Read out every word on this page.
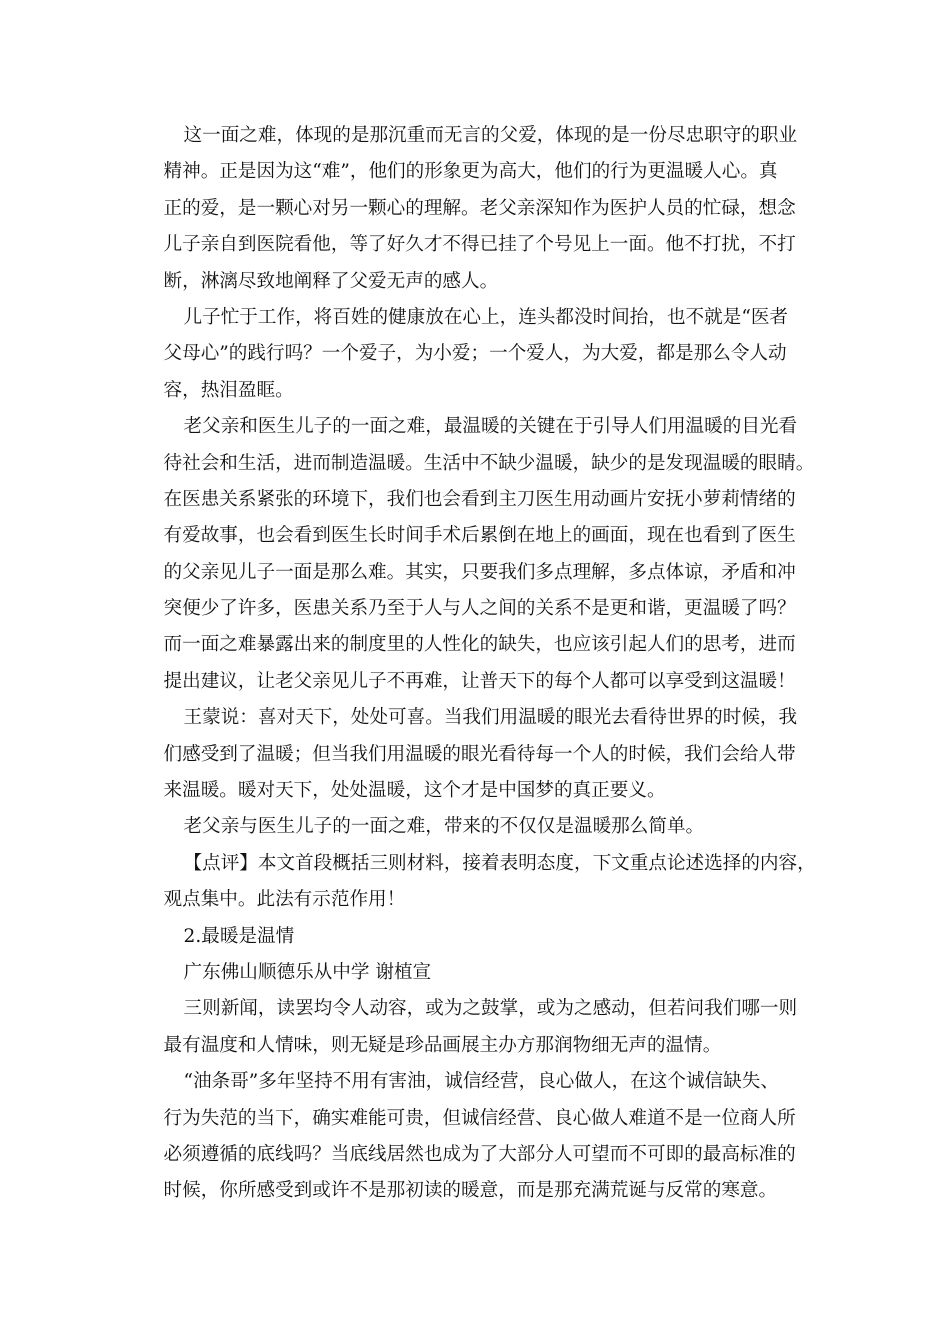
这一面之难，体现的是那沉重而无言的父爱，体现的是一份尽忠职守的职业
精神。正是因为这“难”，他们的形象更为高大，他们的行为更温暖人心。真
正的爱，是一颗心对另一颗心的理解。老父亲深知作为医护人员的忙碌，想念
儿子亲自到医院看他，等了好久才不得已挂了个号见上一面。他不打扰，不打
断，淋漓尽致地阐释了父爱无声的感人。
儿子忙于工作，将百姓的健康放在心上，连头都没时间抬，也不就是“医者
父母心”的践行吗？一个爱子，为小爱；一个爱人，为大爱，都是那么令人动
容，热泪盈眶。
老父亲和医生儿子的一面之难，最温暖的关键在于引导人们用温暖的目光看
待社会和生活，进而制造温暖。生活中不缺少温暖，缺少的是发现温暖的眼睛。
在医患关系紧张的环境下，我们也会看到主刀医生用动画片安抚小萝莉情绪的
有爱故事，也会看到医生长时间手术后累倒在地上的画面，现在也看到了医生
的父亲见儿子一面是那么难。其实，只要我们多点理解，多点体谅，矛盾和冲
突便少了许多，医患关系乃至于人与人之间的关系不是更和谐，更温暖了吗？
而一面之难暴露出来的制度里的人性化的缺失，也应该引起人们的思考，进而
提出建议，让老父亲见儿子不再难，让普天下的每个人都可以享受到这温暖！
王蒙说：喜对天下，处处可喜。当我们用温暖的眼光去看待世界的时候，我
们感受到了温暖；但当我们用温暖的眼光看待每一个人的时候，我们会给人带
来温暖。暖对天下，处处温暖，这个才是中国梦的真正要义。
老父亲与医生儿子的一面之难，带来的不仅仅是温暖那么简单。
【点评】本文首段概括三则材料，接着表明态度，下文重点论述选择的内容，
观点集中。此法有示范作用！
2.最暖是温情
广东佛山顺德乐从中学 谢植宣
三则新闻，读罢均令人动容，或为之鼓掌，或为之感动，但若问我们哪一则
最有温度和人情味，则无疑是珍品画展主办方那润物细无声的温情。
“油条哥”多年坚持不用有害油，诚信经营，良心做人，在这个诚信缺失、
行为失范的当下，确实难能可贵，但诚信经营、良心做人难道不是一位商人所
必须遵循的底线吗？当底线居然也成为了大部分人可望而不可即的最高标准的
时候，你所感受到或许不是那初读的暖意，而是那充满荒诞与反常的寒意。
